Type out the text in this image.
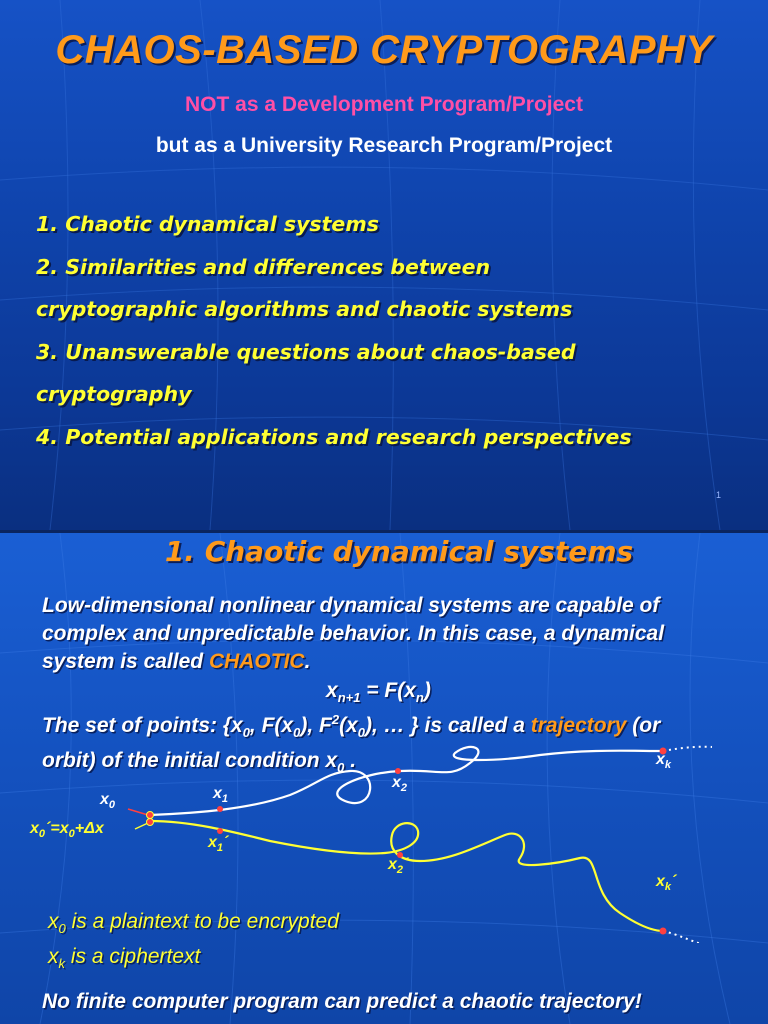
CHAOS-BASED CRYPTOGRAPHY
NOT as a Development Program/Project
but as a University Research Program/Project
1. Chaotic dynamical systems
2. Similarities and differences between
cryptographic algorithms and chaotic systems
3. Unanswerable questions about chaos-based
cryptography
4. Potential applications and research perspectives
1
1. Chaotic dynamical systems
Low-dimensional nonlinear dynamical systems are capable of
complex and unpredictable behavior. In this case, a dynamical
system is called CHAOTIC.
$x_{n+1} = F(x_n)$
The set of points: {$x_0$, $F(x_0)$, $F^2(x_0)$, … } is called a trajectory (or
orbit) of the initial condition $x_0$ .
$x_0$
$x_1$
$x_2$
$x_k$
$x_0´=x_0+\Delta x$
$x_1´$
$x_2´$
$x_k´$
$x_0$ is a plaintext to be encrypted
$x_k$ is a ciphertext
No finite computer program can predict a chaotic trajectory!
